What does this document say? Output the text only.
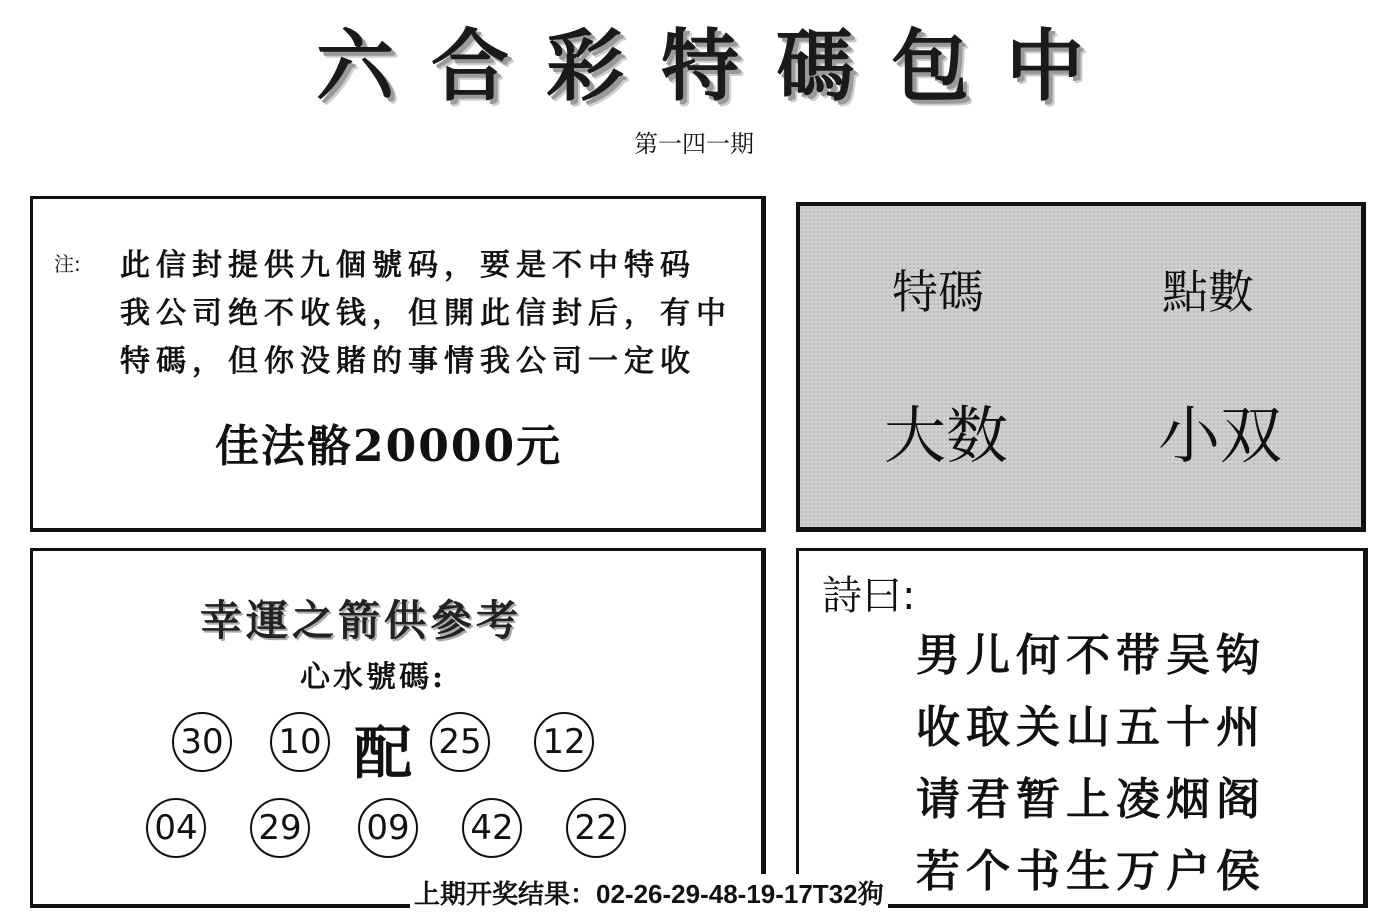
六 合 彩 特 碼 包 中
第一四一期
注: 此信封提供九個號码，要是不中特码
我公司绝不收钱，但開此信封后，有中
特碼，但你没賭的事情我公司一定收
佳法骼20000元
特碼	點數
大数 小双
幸運之箭供參考
心水號碼:
30 10 配 25 12
04 29 09 42 22
詩曰:
男儿何不带吴钩
收取关山五十州
请君暂上凌烟阁
若个书生万户侯
上期开奖结果：02-26-29-48-19-17T32狗
